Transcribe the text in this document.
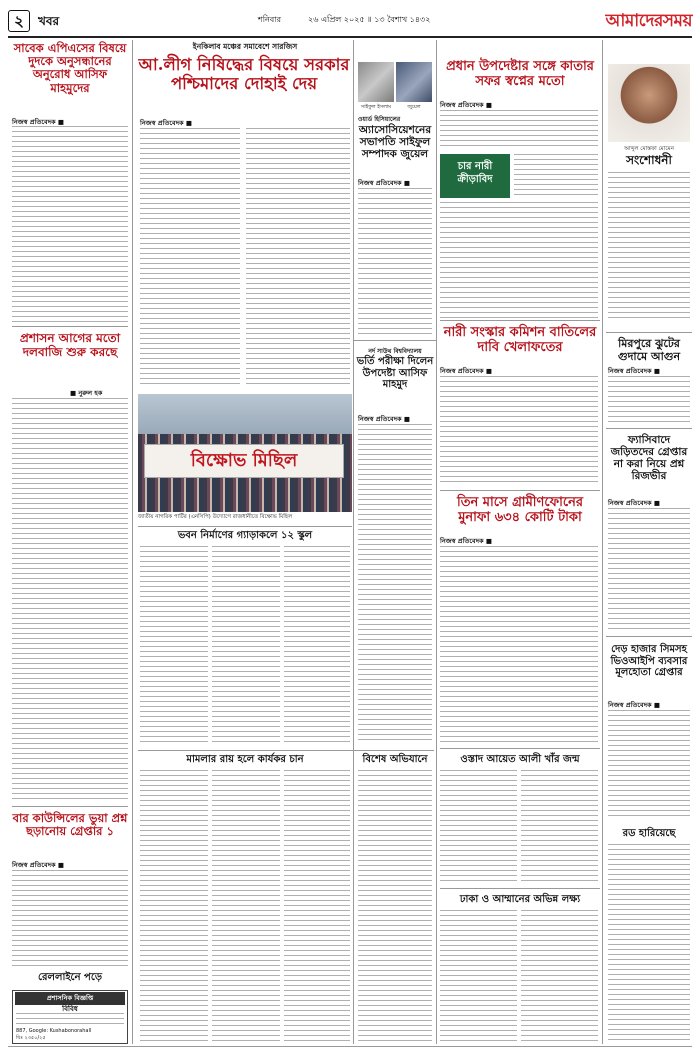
২	খবর	শনিবার	২৬ এপ্রিল ২০২৫ ॥ ১৩ বৈশাখ ১৪৩২	আমাদেরসময়
সাবেক এপিএসের বিষয়ে দুদকে অনুসন্ধানের অনুরোধ আসিফ মাহমুদের
নিজস্ব প্রতিবেদক ■
প্রশাসন আগের মতো দলবাজি শুরু করছে
■ নুরুল হক
বার কাউন্সিলের ভুয়া প্রশ্ন ছড়ানোয় গ্রেপ্তার ১
নিজস্ব প্রতিবেদক ■
রেললাইনে পড়ে
প্রশাসনিক বিজ্ঞপ্তি
বিবিধ
887, Google: Kushabonorahall
বিঃ ২৩৫০/২৫
ইনকিলাব মঞ্চের সমাবেশে সারজিস
আ.লীগ নিষিদ্ধের বিষয়ে সরকার পশ্চিমাদের দোহাই দেয়
নিজস্ব প্রতিবেদক ■
সাইফুল ইসলাম	জুয়েল
ওয়ার্ড হিসিয়ালের
অ্যাসোসিয়েশনের সভাপতি সাইফুল সম্পাদক জুয়েল
নিজস্ব প্রতিবেদক ■
প্রধান উপদেষ্টার সঙ্গে কাতার সফর স্বপ্নের মতো
নিজস্ব প্রতিবেদক ■
চার নারী ক্রীড়াবিদ
আব্দুল মোস্তফা মোমেন
সংশোধনী
মিরপুরে ঝুটের গুদামে আগুন
নিজস্ব প্রতিবেদক ■
ফ্যাসিবাদে জড়িতদের গ্রেপ্তার না করা নিয়ে প্রশ্ন রিজভীর
নিজস্ব প্রতিবেদক ■
দেড় হাজার সিমসহ ভিওআইপি ব্যবসার মূলহোতা গ্রেপ্তার
নিজস্ব প্রতিবেদক ■
রড হারিয়েছে
নর্দ সাউথ বিশ্ববিদ্যালয়
ভর্তি পরীক্ষা দিলেন উপদেষ্টা আসিফ মাহমুদ
নিজস্ব প্রতিবেদক ■
নারী সংস্কার কমিশন বাতিলের দাবি খেলাফতের
নিজস্ব প্রতিবেদক ■
তিন মাসে গ্রামীণফোনের মুনাফা ৬৩৪ কোটি টাকা
নিজস্ব প্রতিবেদক ■
বিক্ষোভ মিছিল
জাতীয় নাগরিক পার্টির (এনসিপি) উদ্যোগে রাজধানীতে বিক্ষোভ মিছিল
ভবন নির্মাণের গ্যাড়াকলে ১২ স্কুল
মামলার রায় হলে কার্যকর চান	বিশেষ অভিযানে	ওস্তাদ আয়েত আলী খাঁর জন্ম
ঢাকা ও আম্মানের অভিন্ন লক্ষ্য
